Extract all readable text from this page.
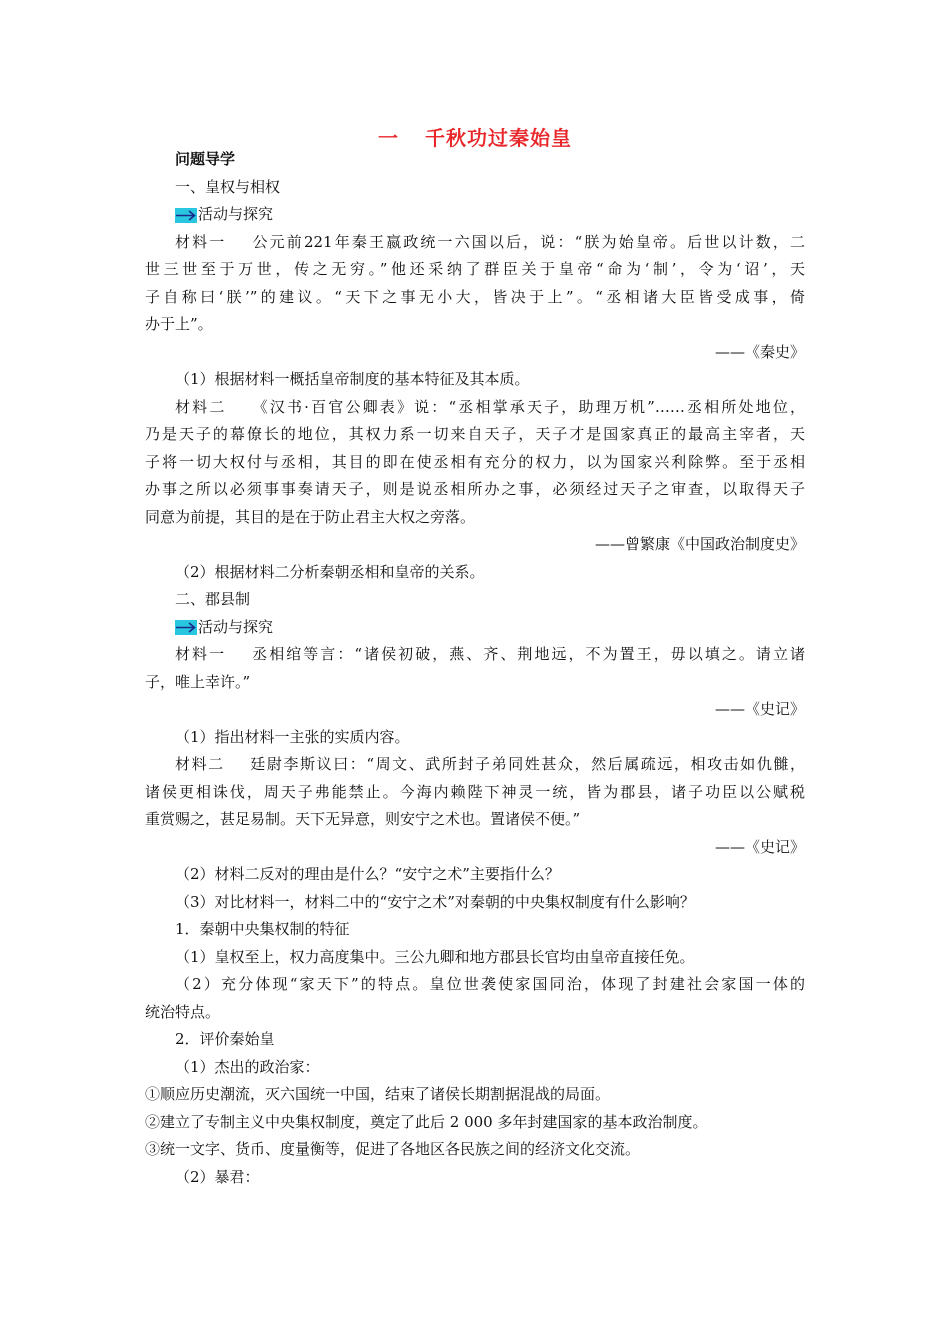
一 千秋功过秦始皇
问题导学
一、皇权与相权
活动与探究
材料一 公元前221年秦王嬴政统一六国以后，说：“朕为始皇帝。后世以计数，二
世三世至于万世，传之无穷。”他还采纳了群臣关于皇帝“命为‘制’，令为‘诏’，天
子自称曰‘朕’”的建议。“天下之事无小大，皆决于上”。“丞相诸大臣皆受成事，倚
办于上”。
——《秦史》
（1）根据材料一概括皇帝制度的基本特征及其本质。
材料二 《汉书·百官公卿表》说：“丞相掌承天子，助理万机”……丞相所处地位，
乃是天子的幕僚长的地位，其权力系一切来自天子，天子才是国家真正的最高主宰者，天
子将一切大权付与丞相，其目的即在使丞相有充分的权力，以为国家兴利除弊。至于丞相
办事之所以必须事事奏请天子，则是说丞相所办之事，必须经过天子之审查，以取得天子
同意为前提，其目的是在于防止君主大权之旁落。
——曾繁康《中国政治制度史》
（2）根据材料二分析秦朝丞相和皇帝的关系。
二、郡县制
活动与探究
材料一 丞相绾等言：“诸侯初破，燕、齐、荆地远，不为置王，毋以填之。请立诸
子，唯上幸许。”
——《史记》
（1）指出材料一主张的实质内容。
材料二 廷尉李斯议曰：“周文、武所封子弟同姓甚众，然后属疏远，相攻击如仇雠，
诸侯更相诛伐，周天子弗能禁止。今海内赖陛下神灵一统，皆为郡县，诸子功臣以公赋税
重赏赐之，甚足易制。天下无异意，则安宁之术也。置诸侯不便。”
——《史记》
（2）材料二反对的理由是什么？“安宁之术”主要指什么？
（3）对比材料一，材料二中的“安宁之术”对秦朝的中央集权制度有什么影响？
1．秦朝中央集权制的特征
（1）皇权至上，权力高度集中。三公九卿和地方郡县长官均由皇帝直接任免。
（2）充分体现“家天下”的特点。皇位世袭使家国同治，体现了封建社会家国一体的
统治特点。
2．评价秦始皇
（1）杰出的政治家：
①顺应历史潮流，灭六国统一中国，结束了诸侯长期割据混战的局面。
②建立了专制主义中央集权制度，奠定了此后 2 000 多年封建国家的基本政治制度。
③统一文字、货币、度量衡等，促进了各地区各民族之间的经济文化交流。
（2）暴君：
